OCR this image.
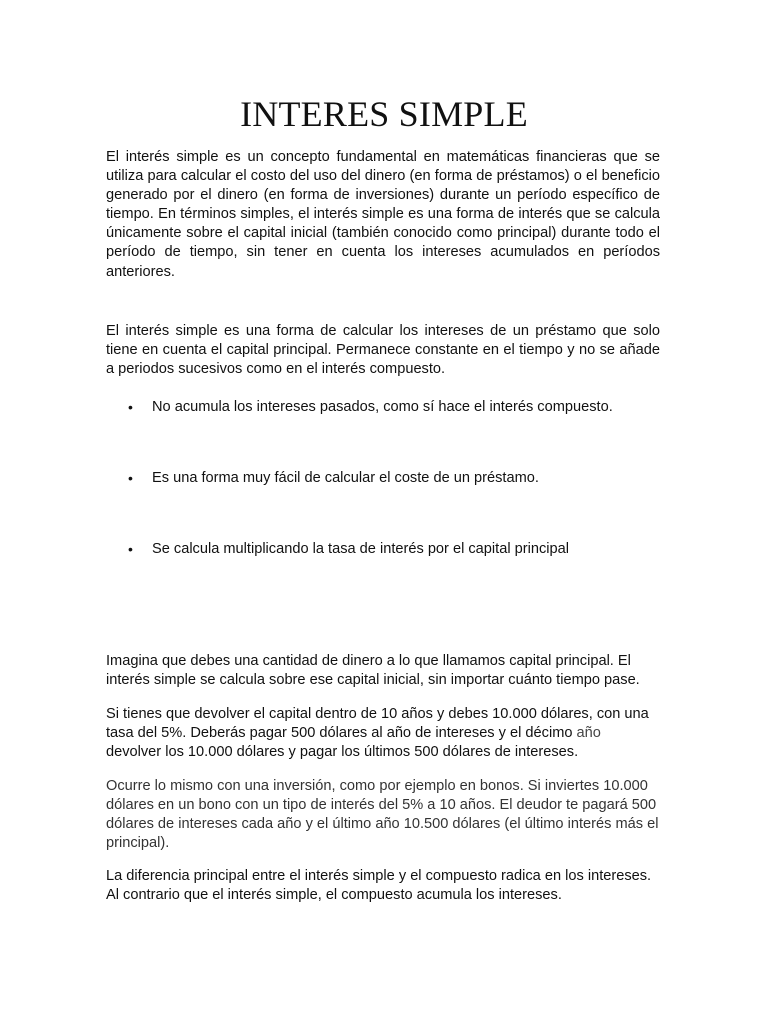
INTERES SIMPLE

El interés simple es un concepto fundamental en matemáticas financieras que se utiliza para calcular el costo del uso del dinero (en forma de préstamos) o el beneficio generado por el dinero (en forma de inversiones) durante un período específico de tiempo. En términos simples, el interés simple es una forma de interés que se calcula únicamente sobre el capital inicial (también conocido como principal) durante todo el período de tiempo, sin tener en cuenta los intereses acumulados en períodos anteriores.

El interés simple es una forma de calcular los intereses de un préstamo que solo tiene en cuenta el capital principal. Permanece constante en el tiempo y no se añade a periodos sucesivos como en el interés compuesto.

• No acumula los intereses pasados, como sí hace el interés compuesto.
• Es una forma muy fácil de calcular el coste de un préstamo.
• Se calcula multiplicando la tasa de interés por el capital principal

Imagina que debes una cantidad de dinero a lo que llamamos capital principal. El interés simple se calcula sobre ese capital inicial, sin importar cuánto tiempo pase.

Si tienes que devolver el capital dentro de 10 años y debes 10.000 dólares, con una tasa del 5%. Deberás pagar 500 dólares al año de intereses y el décimo año devolver los 10.000 dólares y pagar los últimos 500 dólares de intereses.

Ocurre lo mismo con una inversión, como por ejemplo en bonos. Si inviertes 10.000 dólares en un bono con un tipo de interés del 5% a 10 años. El deudor te pagará 500 dólares de intereses cada año y el último año 10.500 dólares (el último interés más el principal).

La diferencia principal entre el interés simple y el compuesto radica en los intereses. Al contrario que el interés simple, el compuesto acumula los intereses.
